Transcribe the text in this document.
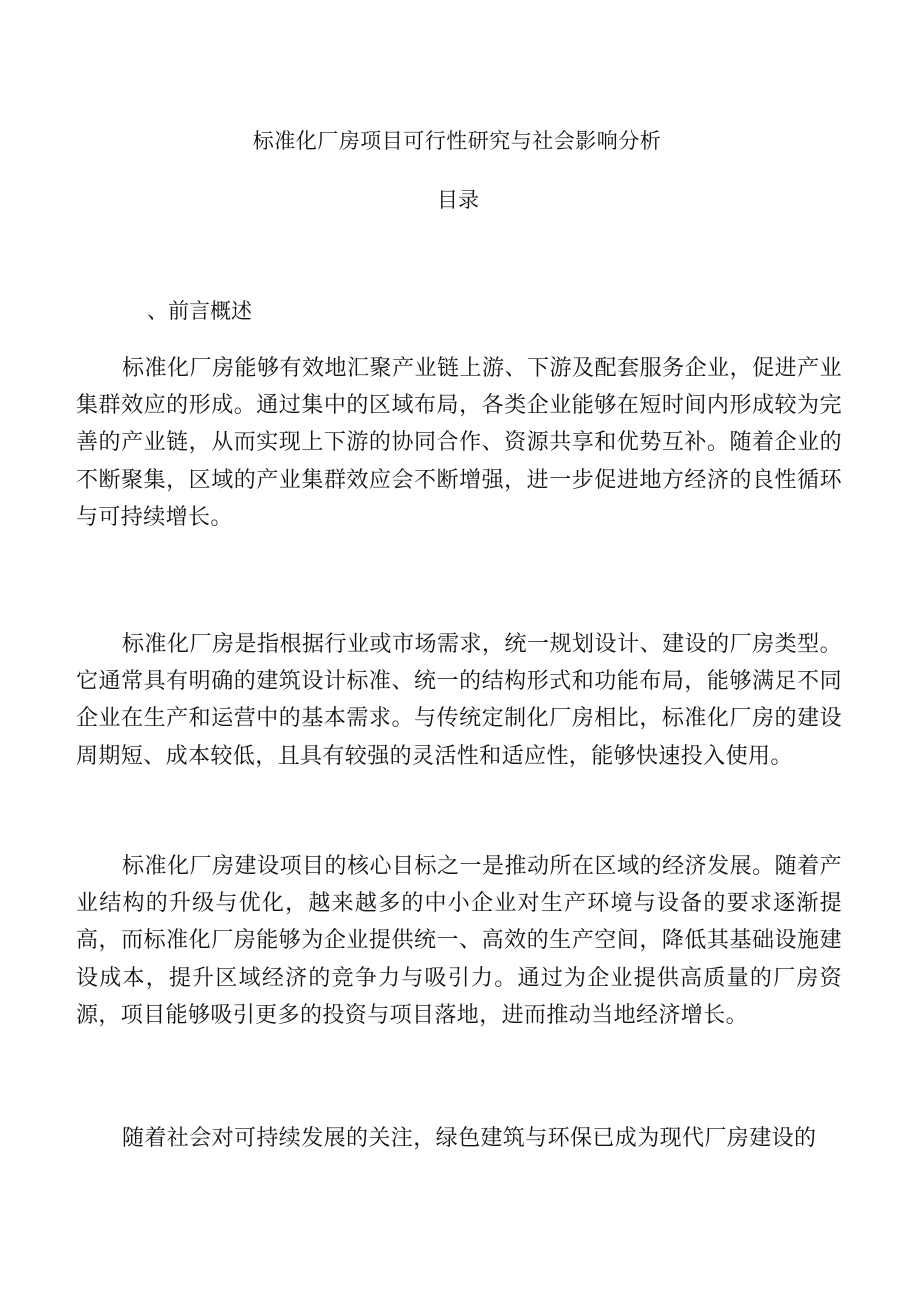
标准化厂房项目可行性研究与社会影响分析
目录
、前言概述

标准化厂房能够有效地汇聚产业链上游、下游及配套服务企业，促进产业集群效应的形成。通过集中的区域布局，各类企业能够在短时间内形成较为完善的产业链，从而实现上下游的协同合作、资源共享和优势互补。随着企业的不断聚集，区域的产业集群效应会不断增强，进一步促进地方经济的良性循环与可持续增长。

标准化厂房是指根据行业或市场需求，统一规划设计、建设的厂房类型。它通常具有明确的建筑设计标准、统一的结构形式和功能布局，能够满足不同企业在生产和运营中的基本需求。与传统定制化厂房相比，标准化厂房的建设周期短、成本较低，且具有较强的灵活性和适应性，能够快速投入使用。

标准化厂房建设项目的核心目标之一是推动所在区域的经济发展。随着产业结构的升级与优化，越来越多的中小企业对生产环境与设备的要求逐渐提高，而标准化厂房能够为企业提供统一、高效的生产空间，降低其基础设施建设成本，提升区域经济的竞争力与吸引力。通过为企业提供高质量的厂房资源，项目能够吸引更多的投资与项目落地，进而推动当地经济增长。

随着社会对可持续发展的关注，绿色建筑与环保已成为现代厂房建设的
